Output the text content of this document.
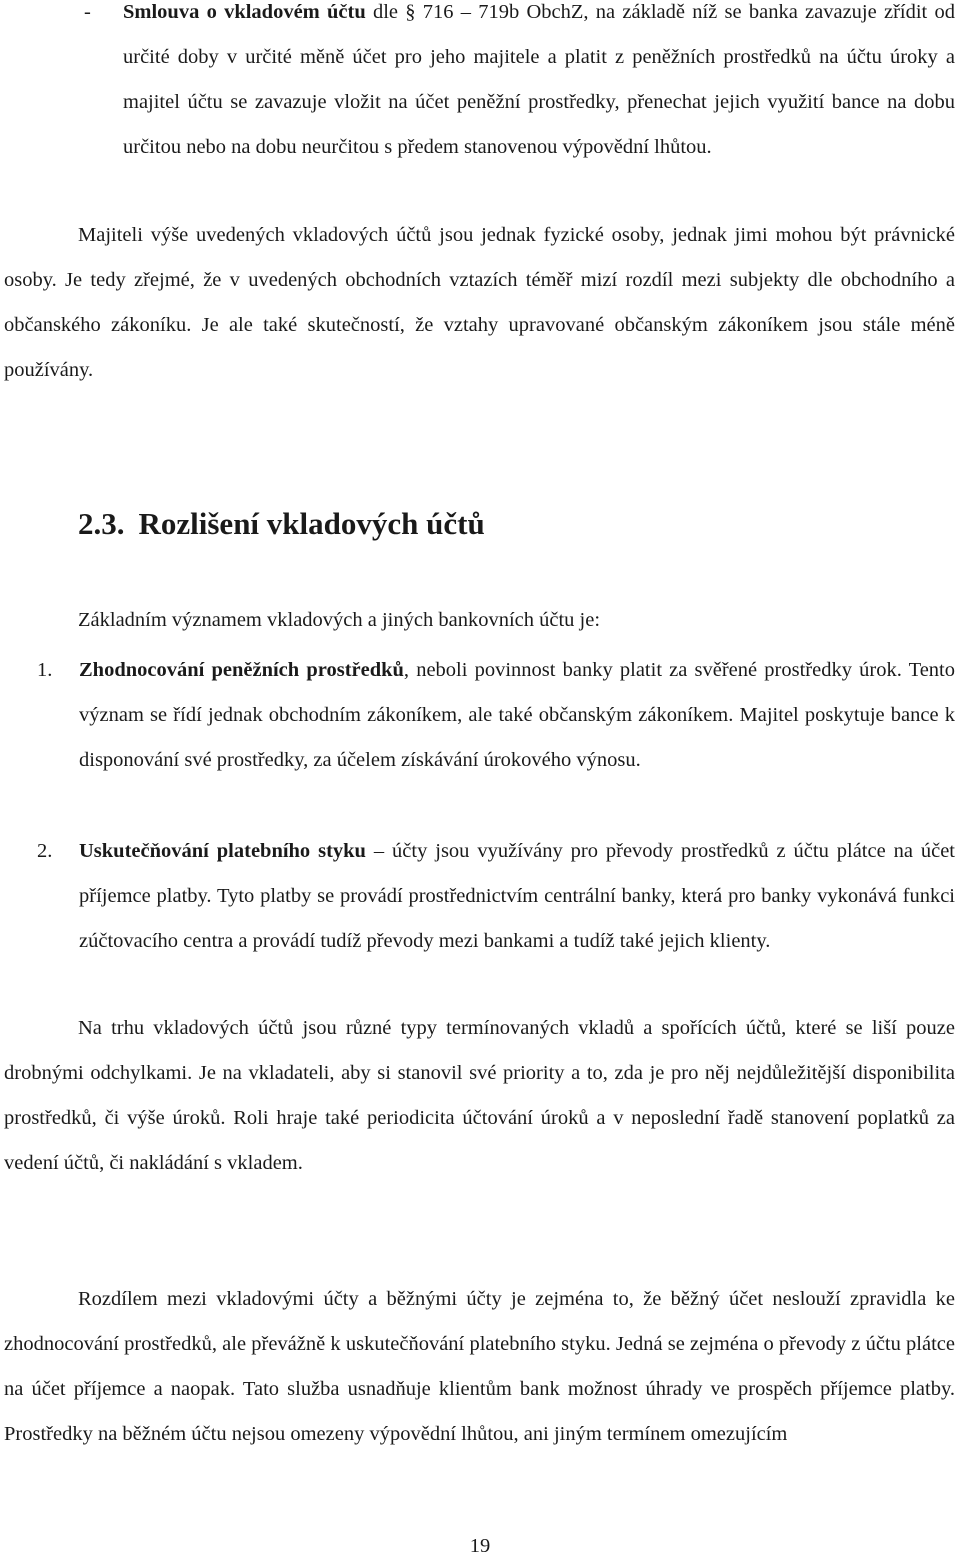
- Smlouva o vkladovém účtu dle § 716 – 719b ObchZ, na základě níž se banka zavazuje zřídit od určité doby v určité měně účet pro jeho majitele a platit z peněžních prostředků na účtu úroky a majitel účtu se zavazuje vložit na účet peněžní prostředky, přenechat jejich využití bance na dobu určitou nebo na dobu neurčitou s předem stanovenou výpovědní lhůtou.

Majiteli výše uvedených vkladových účtů jsou jednak fyzické osoby, jednak jimi mohou být právnické osoby. Je tedy zřejmé, že v uvedených obchodních vztazích téměř mizí rozdíl mezi subjekty dle obchodního a občanského zákoníku. Je ale také skutečností, že vztahy upravované občanským zákoníkem jsou stále méně používány.

2.3. Rozlišení vkladových účtů

Základním významem vkladových a jiných bankovních účtu je:

1. Zhodnocování peněžních prostředků, neboli povinnost banky platit za svěřené prostředky úrok. Tento význam se řídí jednak obchodním zákoníkem, ale také občanským zákoníkem. Majitel poskytuje bance k disponování své prostředky, za účelem získávání úrokového výnosu.
2. Uskutečňování platebního styku – účty jsou využívány pro převody prostředků z účtu plátce na účet příjemce platby. Tyto platby se provádí prostřednictvím centrální banky, která pro banky vykonává funkci zúčtovacího centra a provádí tudíž převody mezi bankami a tudíž také jejich klienty.

Na trhu vkladových účtů jsou různé typy termínovaných vkladů a spořících účtů, které se liší pouze drobnými odchylkami. Je na vkladateli, aby si stanovil své priority a to, zda je pro něj nejdůležitější disponibilita prostředků, či výše úroků. Roli hraje také periodicita účtování úroků a v neposlední řadě stanovení poplatků za vedení účtů, či nakládání s vkladem.

Rozdílem mezi vkladovými účty a běžnými účty je zejména to, že běžný účet neslouží zpravidla ke zhodnocování prostředků, ale převážně k uskutečňování platebního styku. Jedná se zejména o převody z účtu plátce na účet příjemce a naopak. Tato služba usnadňuje klientům bank možnost úhrady ve prospěch příjemce platby. Prostředky na běžném účtu nejsou omezeny výpovědní lhůtou, ani jiným termínem omezujícím

19
